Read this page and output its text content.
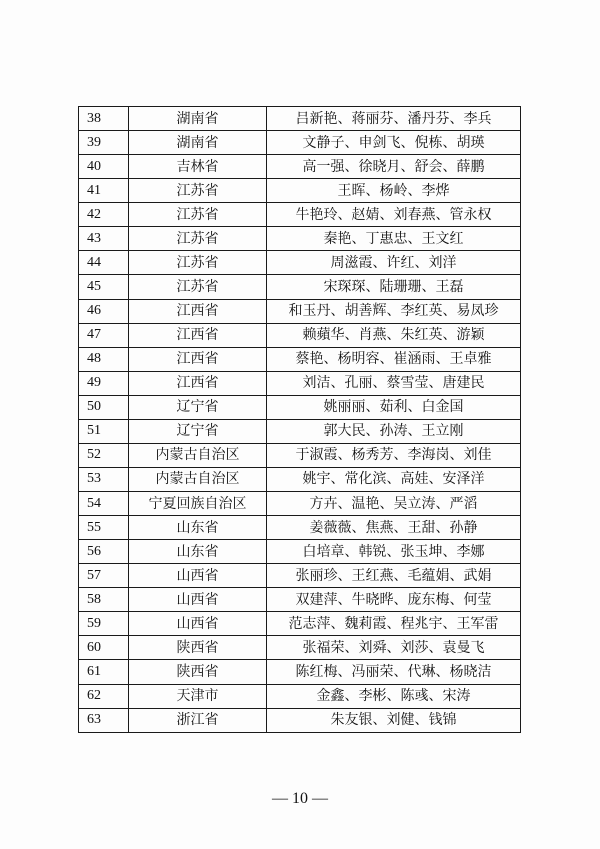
38	湖南省	吕新艳、蒋丽芬、潘丹芬、李兵
39	湖南省	文静子、申剑飞、倪栋、胡瑛
40	吉林省	高一强、徐晓月、舒会、薛鹏
41	江苏省	王晖、杨岭、李烨
42	江苏省	牛艳玲、赵婧、刘春燕、管永权
43	江苏省	秦艳、丁惠忠、王文红
44	江苏省	周滋霞、许红、刘洋
45	江苏省	宋琛琛、陆珊珊、王磊
46	江西省	和玉丹、胡善辉、李红英、易凤珍
47	江西省	赖蘋华、肖燕、朱红英、游颖
48	江西省	蔡艳、杨明容、崔涵雨、王卓雅
49	江西省	刘洁、孔丽、蔡雪莹、唐建民
50	辽宁省	姚丽丽、茹利、白金国
51	辽宁省	郭大民、孙涛、王立刚
52	内蒙古自治区	于淑霞、杨秀芳、李海岗、刘佳
53	内蒙古自治区	姚宇、常化滨、高娃、安泽洋
54	宁夏回族自治区	方卉、温艳、吴立涛、严滔
55	山东省	姜薇薇、焦燕、王甜、孙静
56	山东省	白培章、韩锐、张玉坤、李娜
57	山西省	张丽珍、王红燕、毛蕴娟、武娟
58	山西省	双建萍、牛晓晔、庞东梅、何莹
59	山西省	范志萍、魏莉霞、程兆宇、王军雷
60	陕西省	张福荣、刘舜、刘莎、袁曼飞
61	陕西省	陈红梅、冯丽荣、代琳、杨晓洁
62	天津市	金鑫、李彬、陈彧、宋涛
63	浙江省	朱友银、刘健、钱锦
— 10 —
